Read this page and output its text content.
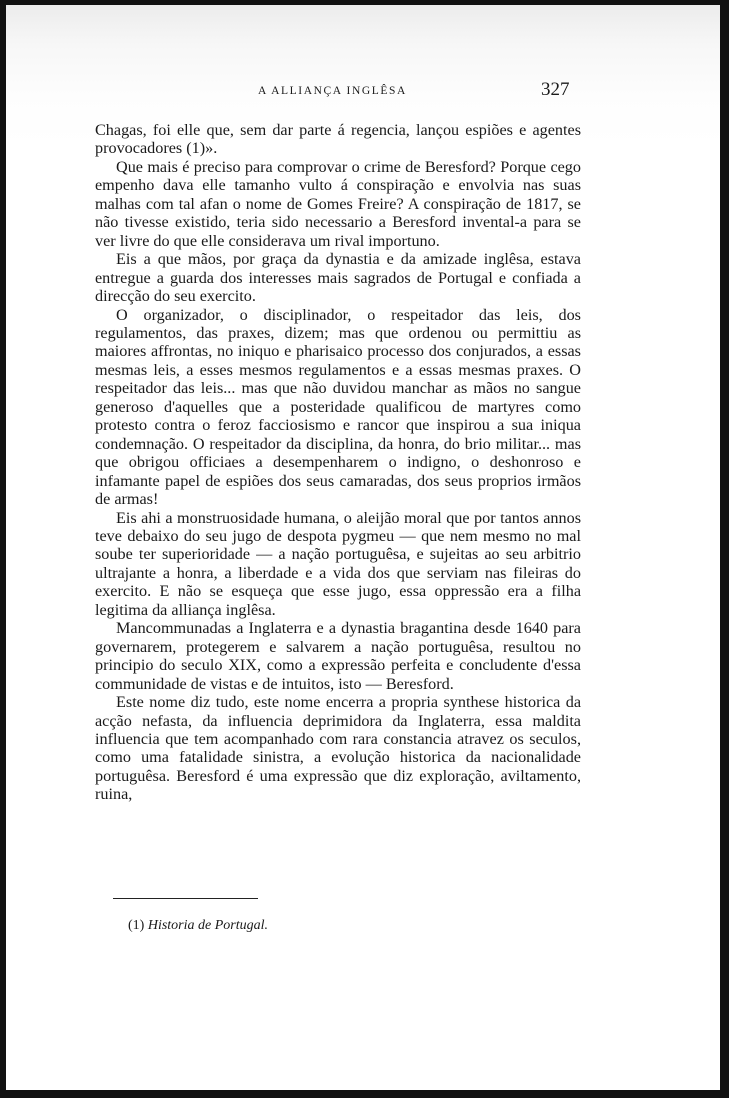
A ALLIANÇA INGLÊSA	327

Chagas, foi elle que, sem dar parte á regencia, lançou espiões e agentes provocadores (1)».

Que mais é preciso para comprovar o crime de Beresford? Porque cego empenho dava elle tamanho vulto á conspiração e envolvia nas suas malhas com tal afan o nome de Gomes Freire? A conspiração de 1817, se não tivesse existido, teria sido necessario a Beresford invental-a para se ver livre do que elle considerava um rival importuno.

Eis a que mãos, por graça da dynastia e da amizade inglêsa, estava entregue a guarda dos interesses mais sagrados de Portugal e confiada a direcção do seu exercito.

O organizador, o disciplinador, o respeitador das leis, dos regulamentos, das praxes, dizem; mas que ordenou ou permittiu as maiores affrontas, no iniquo e pharisaico processo dos conjurados, a essas mesmas leis, a esses mesmos regulamentos e a essas mesmas praxes. O respeitador das leis... mas que não duvidou manchar as mãos no sangue generoso d'aquelles que a posteridade qualificou de martyres como protesto contra o feroz facciosismo e rancor que inspirou a sua iniqua condemnação. O respeitador da disciplina, da honra, do brio militar... mas que obrigou officiaes a desempenharem o indigno, o deshonroso e infamante papel de espiões dos seus camaradas, dos seus proprios irmãos de armas!

Eis ahi a monstruosidade humana, o aleijão moral que por tantos annos teve debaixo do seu jugo de despota pygmeu — que nem mesmo no mal soube ter superioridade — a nação portuguêsa, e sujeitas ao seu arbitrio ultrajante a honra, a liberdade e a vida dos que serviam nas fileiras do exercito. E não se esqueça que esse jugo, essa oppressão era a filha legitima da alliança inglêsa.

Mancommunadas a Inglaterra e a dynastia bragantina desde 1640 para governarem, protegerem e salvarem a nação portuguêsa, resultou no principio do seculo XIX, como a expressão perfeita e concludente d'essa communidade de vistas e de intuitos, isto — Beresford.

Este nome diz tudo, este nome encerra a propria synthese historica da acção nefasta, da influencia deprimidora da Inglaterra, essa maldita influencia que tem acompanhado com rara constancia atravez os seculos, como uma fatalidade sinistra, a evolução historica da nacionalidade portuguêsa. Beresford é uma expressão que diz exploração, aviltamento, ruina,

(1) Historia de Portugal.
